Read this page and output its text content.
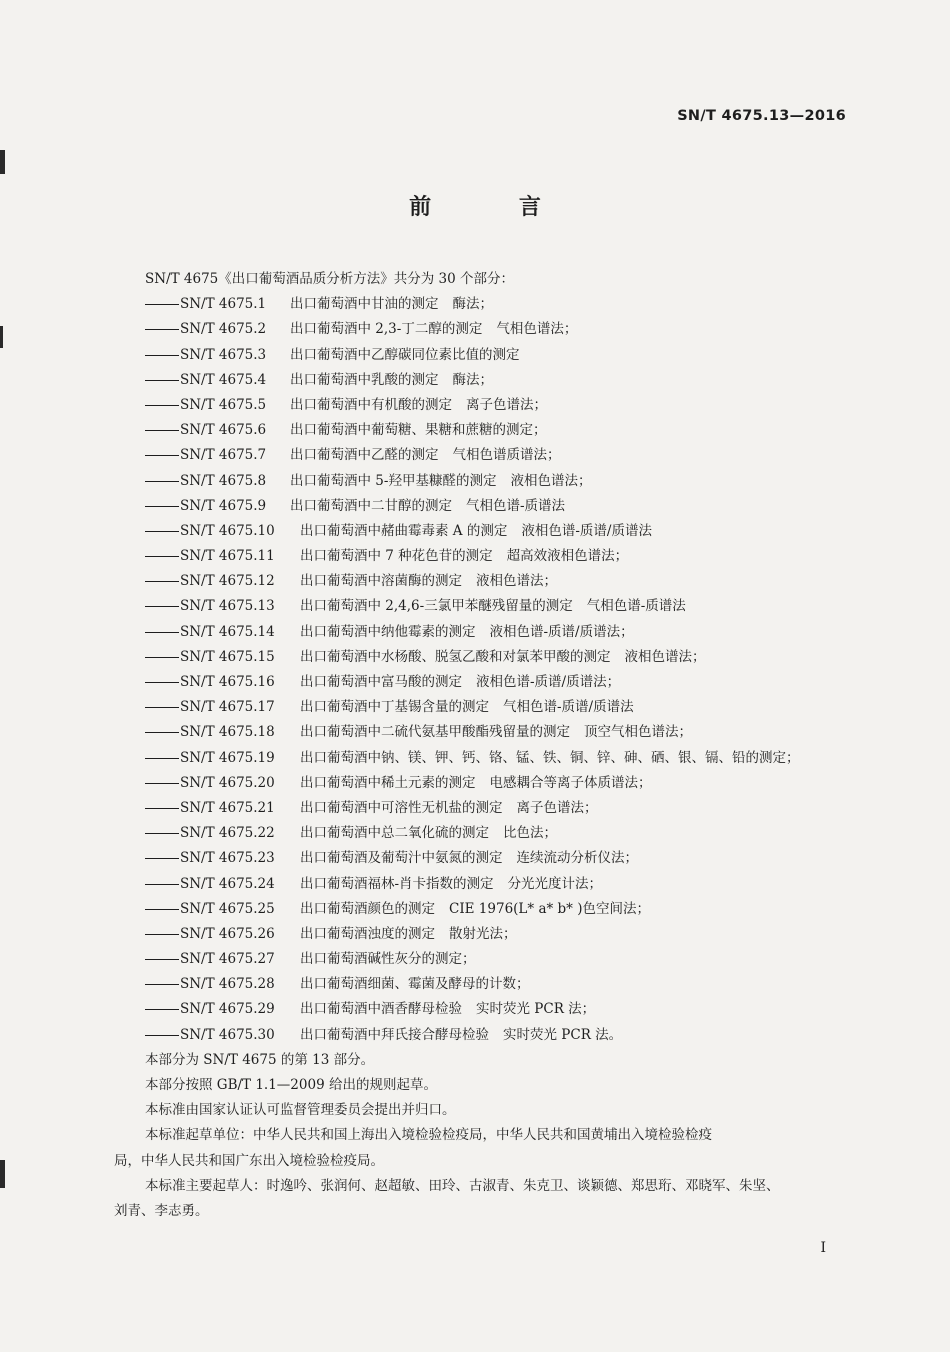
SN/T 4675.13—2016
前 言
SN/T 4675《出口葡萄酒品质分析方法》共分为 30 个部分：
SN/T 4675.1 出口葡萄酒中甘油的测定 酶法；
SN/T 4675.2 出口葡萄酒中 2,3-丁二醇的测定 气相色谱法；
SN/T 4675.3 出口葡萄酒中乙醇碳同位素比值的测定
SN/T 4675.4 出口葡萄酒中乳酸的测定 酶法；
SN/T 4675.5 出口葡萄酒中有机酸的测定 离子色谱法；
SN/T 4675.6 出口葡萄酒中葡萄糖、果糖和蔗糖的测定；
SN/T 4675.7 出口葡萄酒中乙醛的测定 气相色谱质谱法；
SN/T 4675.8 出口葡萄酒中 5-羟甲基糠醛的测定 液相色谱法；
SN/T 4675.9 出口葡萄酒中二甘醇的测定 气相色谱-质谱法
SN/T 4675.10 出口葡萄酒中赭曲霉毒素 A 的测定 液相色谱-质谱/质谱法
SN/T 4675.11 出口葡萄酒中 7 种花色苷的测定 超高效液相色谱法；
SN/T 4675.12 出口葡萄酒中溶菌酶的测定 液相色谱法；
SN/T 4675.13 出口葡萄酒中 2,4,6-三氯甲苯醚残留量的测定 气相色谱-质谱法
SN/T 4675.14 出口葡萄酒中纳他霉素的测定 液相色谱-质谱/质谱法；
SN/T 4675.15 出口葡萄酒中水杨酸、脱氢乙酸和对氯苯甲酸的测定 液相色谱法；
SN/T 4675.16 出口葡萄酒中富马酸的测定 液相色谱-质谱/质谱法；
SN/T 4675.17 出口葡萄酒中丁基锡含量的测定 气相色谱-质谱/质谱法
SN/T 4675.18 出口葡萄酒中二硫代氨基甲酸酯残留量的测定 顶空气相色谱法；
SN/T 4675.19 出口葡萄酒中钠、镁、钾、钙、铬、锰、铁、铜、锌、砷、硒、银、镉、铅的测定；
SN/T 4675.20 出口葡萄酒中稀土元素的测定 电感耦合等离子体质谱法；
SN/T 4675.21 出口葡萄酒中可溶性无机盐的测定 离子色谱法；
SN/T 4675.22 出口葡萄酒中总二氧化硫的测定 比色法；
SN/T 4675.23 出口葡萄酒及葡萄汁中氨氮的测定 连续流动分析仪法；
SN/T 4675.24 出口葡萄酒福林-肖卡指数的测定 分光光度计法；
SN/T 4675.25 出口葡萄酒颜色的测定 CIE 1976(L* a* b* )色空间法；
SN/T 4675.26 出口葡萄酒浊度的测定 散射光法；
SN/T 4675.27 出口葡萄酒碱性灰分的测定；
SN/T 4675.28 出口葡萄酒细菌、霉菌及酵母的计数；
SN/T 4675.29 出口葡萄酒中酒香酵母检验 实时荧光 PCR 法；
SN/T 4675.30 出口葡萄酒中拜氏接合酵母检验 实时荧光 PCR 法。
本部分为 SN/T 4675 的第 13 部分。
本部分按照 GB/T 1.1—2009 给出的规则起草。
本标准由国家认证认可监督管理委员会提出并归口。
本标准起草单位：中华人民共和国上海出入境检验检疫局，中华人民共和国黄埔出入境检验检疫
局，中华人民共和国广东出入境检验检疫局。
本标准主要起草人：时逸吟、张润何、赵超敏、田玲、古淑青、朱克卫、谈颖德、郑思珩、邓晓军、朱坚、
刘青、李志勇。
I
